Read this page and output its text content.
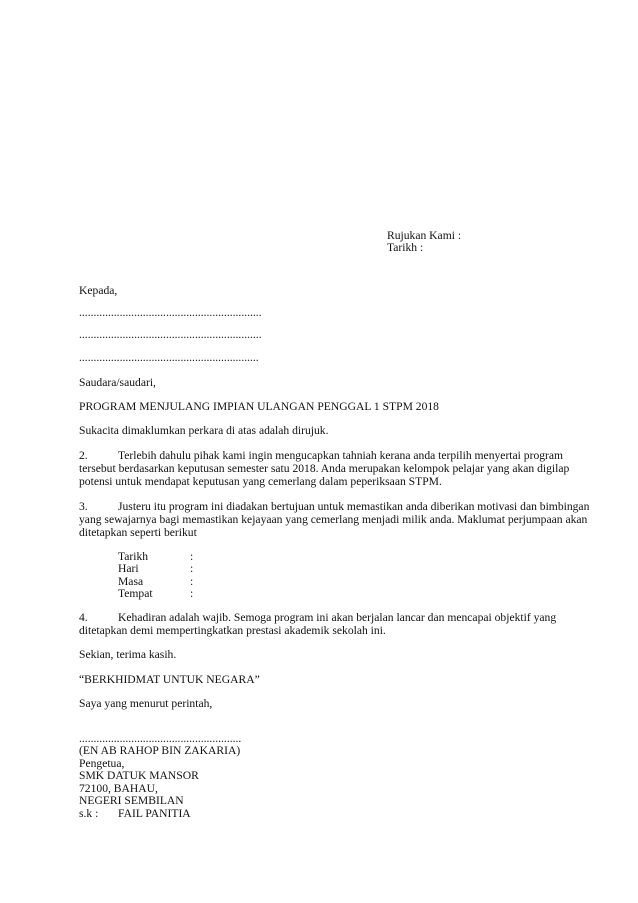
Rujukan Kami :
Tarikh :
Kepada,
...............................................................
...............................................................
..............................................................
Saudara/saudari,
PROGRAM MENJULANG IMPIAN ULANGAN PENGGAL 1 STPM 2018
Sukacita dimaklumkan perkara di atas adalah dirujuk.
2.	Terlebih dahulu pihak kami ingin mengucapkan tahniah kerana anda terpilih menyertai program
tersebut berdasarkan keputusan semester satu 2018. Anda merupakan kelompok pelajar yang akan digilap
potensi untuk mendapat keputusan yang cemerlang dalam peperiksaan STPM.
3.	Justeru itu program ini diadakan bertujuan untuk memastikan anda diberikan motivasi dan bimbingan
yang sewajarnya bagi memastikan kejayaan yang cemerlang menjadi milik anda. Maklumat perjumpaan akan
ditetapkan seperti berikut
Tarikh	:
Hari	:
Masa	:
Tempat	:
4.	Kehadiran adalah wajib. Semoga program ini akan berjalan lancar dan mencapai objektif yang
ditetapkan demi mempertingkatkan prestasi akademik sekolah ini.
Sekian, terima kasih.
“BERKHIDMAT UNTUK NEGARA”
Saya yang menurut perintah,
........................................................
(EN AB RAHOP BIN ZAKARIA)
Pengetua,
SMK DATUK MANSOR
72100, BAHAU,
NEGERI SEMBILAN
s.k : FAIL PANITIA
